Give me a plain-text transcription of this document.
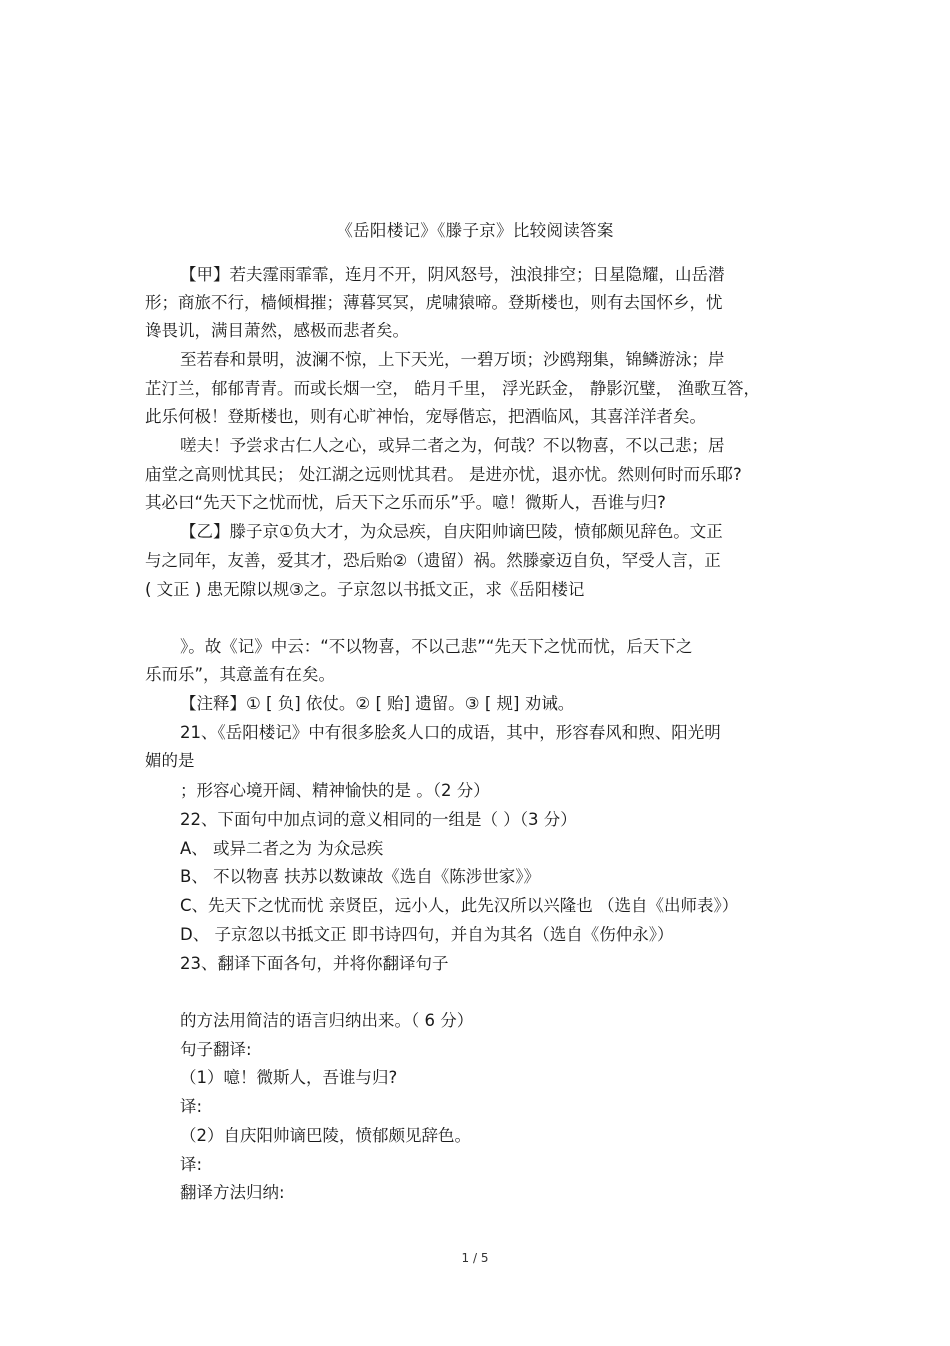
《岳阳楼记》《滕子京》比较阅读答案
【甲】若夫霪雨霏霏，连月不开，阴风怒号，浊浪排空；日星隐耀，山岳潜
形；商旅不行，樯倾楫摧；薄暮冥冥，虎啸猿啼。登斯楼也，则有去国怀乡，忧
谗畏讥，满目萧然，感极而悲者矣。
至若春和景明，波澜不惊，上下天光，一碧万顷；沙鸥翔集，锦鳞游泳；岸
芷汀兰，郁郁青青。而或长烟一空， 皓月千里， 浮光跃金， 静影沉璧， 渔歌互答，
此乐何极！登斯楼也，则有心旷神怡，宠辱偕忘，把酒临风，其喜洋洋者矣。
嗟夫！予尝求古仁人之心，或异二者之为，何哉？不以物喜，不以己悲；居
庙堂之高则忧其民； 处江湖之远则忧其君。 是进亦忧，退亦忧。然则何时而乐耶?
其必曰“先天下之忧而忧，后天下之乐而乐”乎。噫！微斯人，吾谁与归?
【乙】滕子京①负大才，为众忌疾，自庆阳帅谪巴陵，愤郁颇见辞色。文正
与之同年，友善，爱其才，恐后贻②（遗留）祸。然滕豪迈自负，罕受人言，正
( 文正 ) 患无隙以规③之。子京忽以书抵文正，求《岳阳楼记
》。故《记》中云：“不以物喜，不以己悲”“先天下之忧而忧，后天下之
乐而乐”，其意盖有在矣。
【注释】① [ 负] 依仗。② [ 贻] 遗留。③ [ 规] 劝诫。
21、《岳阳楼记》中有很多脍炙人口的成语，其中，形容春风和煦、阳光明
媚的是
；形容心境开阔、精神愉快的是 。（2 分）
22、下面句中加点词的意义相同的一组是（ ）（3 分）
A、 或异二者之为 为众忌疾
B、 不以物喜 扶苏以数谏故《选自《陈涉世家》》
C、先天下之忧而忧 亲贤臣，远小人，此先汉所以兴隆也 （选自《出师表》）
D、 子京忽以书抵文正 即书诗四句，并自为其名（选自《伤仲永》）
23、翻译下面各句，并将你翻译句子
的方法用简洁的语言归纳出来。（ 6 分）
句子翻译:
（1）噫！微斯人，吾谁与归?
译:
（2）自庆阳帅谪巴陵，愤郁颇见辞色。
译:
翻译方法归纳:
1 / 5
